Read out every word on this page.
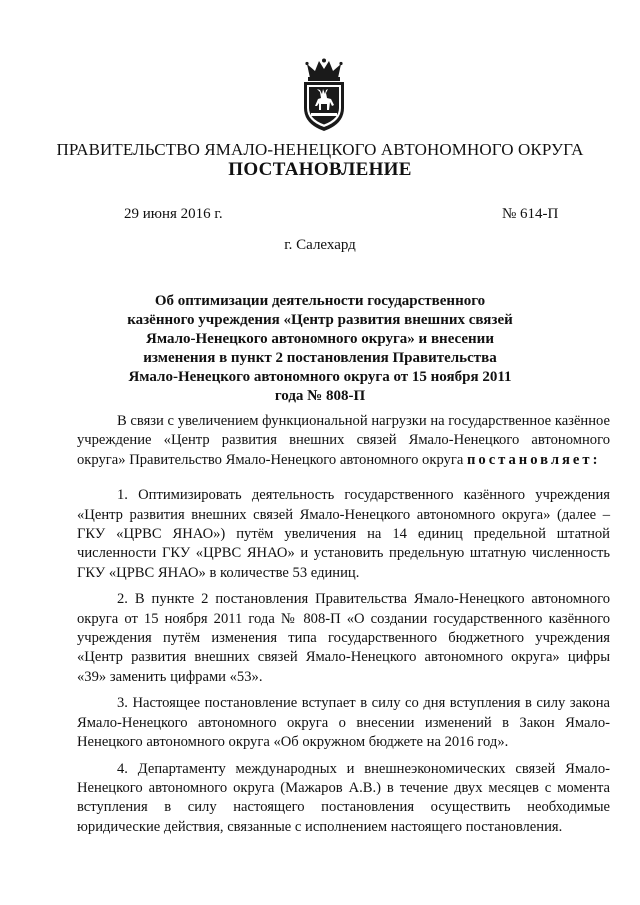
ПРАВИТЕЛЬСТВО ЯМАЛО-НЕНЕЦКОГО АВТОНОМНОГО ОКРУГА
ПОСТАНОВЛЕНИЕ
29 июня 2016 г.	№ 614-П
г. Салехард
Об оптимизации деятельности государственного казённого учреждения «Центр развития внешних связей Ямало-Ненецкого автономного округа» и внесении изменения в пункт 2 постановления Правительства Ямало-Ненецкого автономного округа от 15 ноября 2011 года № 808-П

В связи с увеличением функциональной нагрузки на государственное казённое учреждение «Центр развития внешних связей Ямало-Ненецкого автономного округа» Правительство Ямало-Ненецкого автономного округа постановляет:

1. Оптимизировать деятельность государственного казённого учреждения «Центр развития внешних связей Ямало-Ненецкого автономного округа» (далее – ГКУ «ЦРВС ЯНАО») путём увеличения на 14 единиц предельной штатной численности ГКУ «ЦРВС ЯНАО» и установить предельную штатную численность ГКУ «ЦРВС ЯНАО» в количестве 53 единиц.

2. В пункте 2 постановления Правительства Ямало-Ненецкого автономного округа от 15 ноября 2011 года № 808-П «О создании государственного казённого учреждения путём изменения типа государственного бюджетного учреждения «Центр развития внешних связей Ямало-Ненецкого автономного округа» цифры «39» заменить цифрами «53».

3. Настоящее постановление вступает в силу со дня вступления в силу закона Ямало-Ненецкого автономного округа о внесении изменений в Закон Ямало-Ненецкого автономного округа «Об окружном бюджете на 2016 год».

4. Департаменту международных и внешнеэкономических связей Ямало-Ненецкого автономного округа (Мажаров А.В.) в течение двух месяцев с момента вступления в силу настоящего постановления осуществить необходимые юридические действия, связанные с исполнением настоящего постановления.
